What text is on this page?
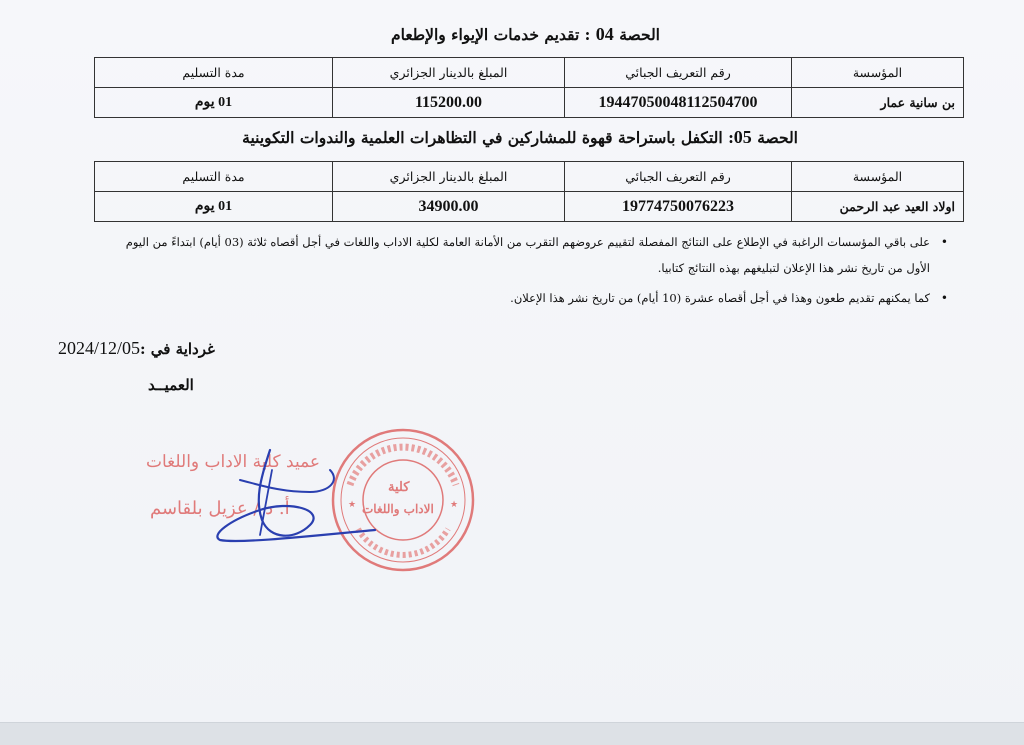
الحصة 04 : تقديم خدمات الإيواء والإطعام
المؤسسة	رقم التعريف الجبائي	المبلغ بالدينار الجزائري	مدة التسليم
بن سانية عمار	19447050048112504700	115200.00	01 يوم
الحصة 05: التكفل باستراحة قهوة للمشاركين في التظاهرات العلمية والندوات التكوينية
المؤسسة	رقم التعريف الجبائي	المبلغ بالدينار الجزائري	مدة التسليم
اولاد العيد عبد الرحمن	19774750076223	34900.00	01 يوم
•
على باقي المؤسسات الراغبة في الإطلاع على النتائج المفصلة لتقييم عروضهم التقرب من الأمانة العامة لكلية الاداب واللغات في أجل أقصاه ثلاثة (03 أيام) ابتداءً من اليوم
الأول من تاريخ نشر هذا الإعلان لتبليغهم بهذه النتائج كتابيا.
•
كما يمكنهم تقديم طعون وهذا في أجل أقصاه عشرة (10 أيام) من تاريخ نشر هذا الإعلان.
غرداية في :2024/12/05
العميــد
عميد كلية الاداب واللغات
أ. د / عزيل بلقاسم	★	★
كلية
الاداب واللغات
